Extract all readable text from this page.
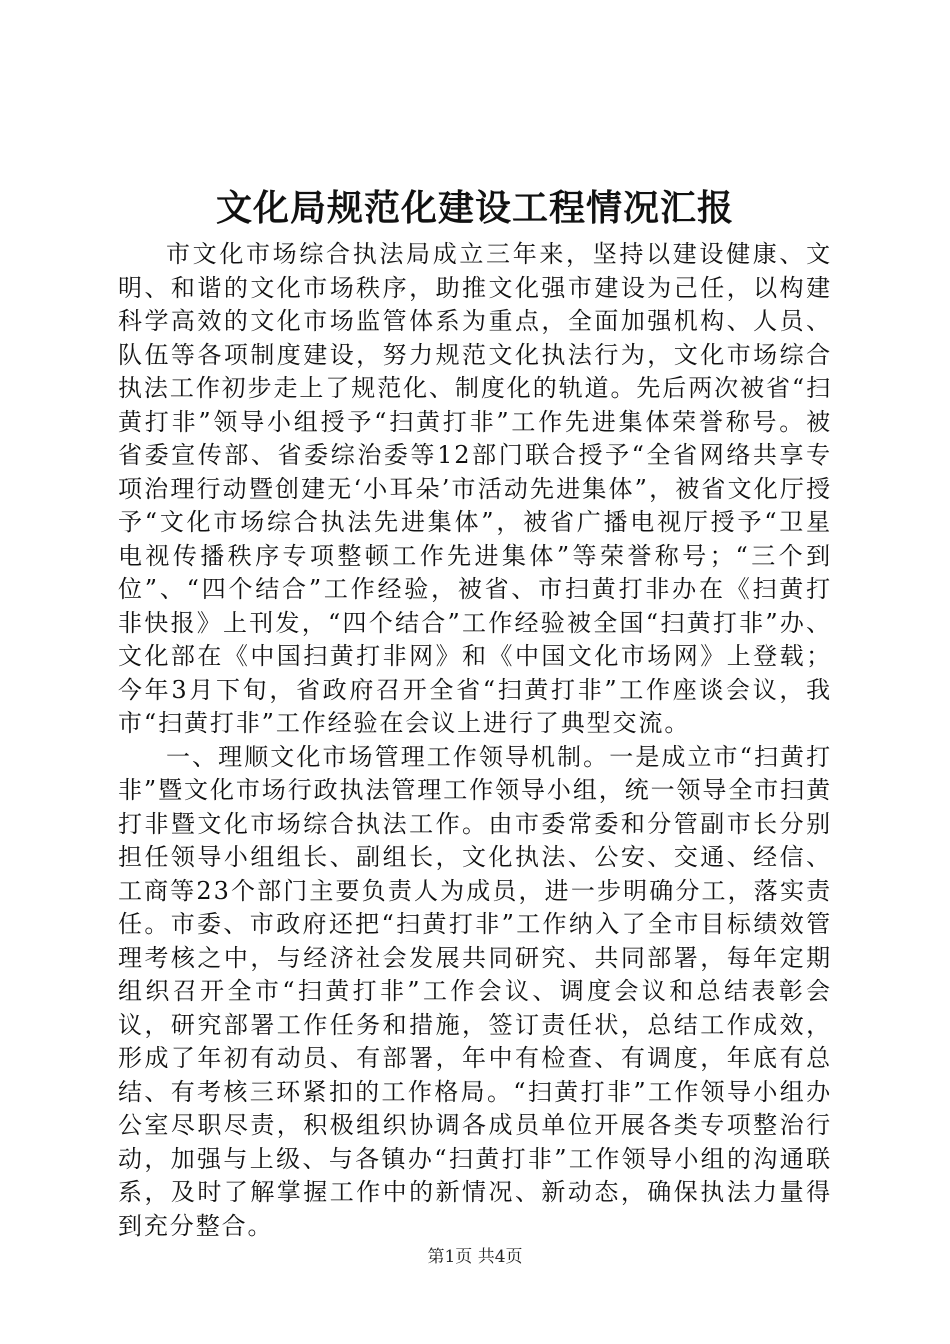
文化局规范化建设工程情况汇报

市文化市场综合执法局成立三年来，坚持以建设健康、文明、和谐的文化市场秩序，助推文化强市建设为己任，以构建科学高效的文化市场监管体系为重点，全面加强机构、人员、队伍等各项制度建设，努力规范文化执法行为，文化市场综合执法工作初步走上了规范化、制度化的轨道。先后两次被省“扫黄打非”领导小组授予“扫黄打非”工作先进集体荣誉称号。被省委宣传部、省委综治委等12部门联合授予“全省网络共享专项治理行动暨创建无‘小耳朵’市活动先进集体”，被省文化厅授予“文化市场综合执法先进集体”，被省广播电视厅授予“卫星电视传播秩序专项整顿工作先进集体”等荣誉称号；“三个到位”、“四个结合”工作经验，被省、市扫黄打非办在《扫黄打非快报》上刊发，“四个结合”工作经验被全国“扫黄打非”办、文化部在《中国扫黄打非网》和《中国文化市场网》上登载；今年3月下旬，省政府召开全省“扫黄打非”工作座谈会议，我市“扫黄打非”工作经验在会议上进行了典型交流。

一、理顺文化市场管理工作领导机制。一是成立市“扫黄打非”暨文化市场行政执法管理工作领导小组，统一领导全市扫黄打非暨文化市场综合执法工作。由市委常委和分管副市长分别担任领导小组组长、副组长，文化执法、公安、交通、经信、工商等23个部门主要负责人为成员，进一步明确分工，落实责任。市委、市政府还把“扫黄打非”工作纳入了全市目标绩效管理考核之中，与经济社会发展共同研究、共同部署，每年定期组织召开全市“扫黄打非”工作会议、调度会议和总结表彰会议，研究部署工作任务和措施，签订责任状，总结工作成效，形成了年初有动员、有部署，年中有检查、有调度，年底有总结、有考核三环紧扣的工作格局。“扫黄打非”工作领导小组办公室尽职尽责，积极组织协调各成员单位开展各类专项整治行动，加强与上级、与各镇办“扫黄打非”工作领导小组的沟通联系，及时了解掌握工作中的新情况、新动态，确保执法力量得到充分整合。

第1页 共4页
